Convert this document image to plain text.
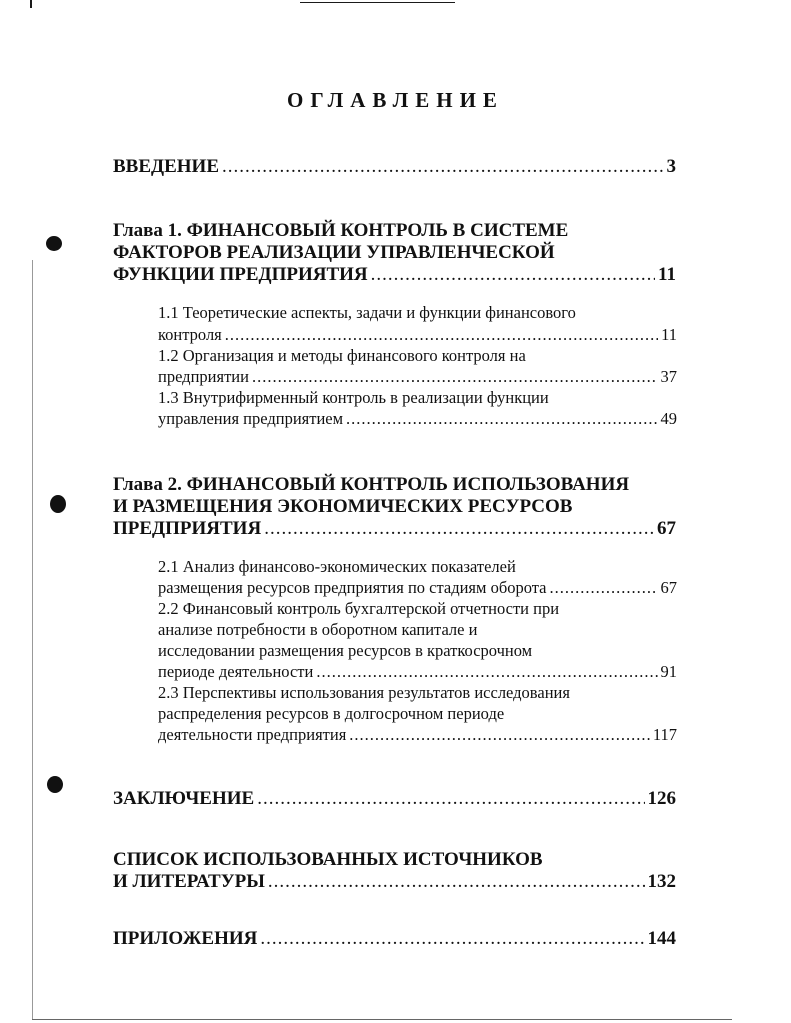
ОГЛАВЛЕНИЕ
ВВЕДЕНИЕ .....	3
Глава 1. ФИНАНСОВЫЙ КОНТРОЛЬ В СИСТЕМЕ
ФАКТОРОВ РЕАЛИЗАЦИИ УПРАВЛЕНЧЕСКОЙ
ФУНКЦИИ ПРЕДПРИЯТИЯ .....	11
1.1 Теоретические аспекты, задачи и функции финансового
контроля .....	11
1.2 Организация и методы финансового контроля на
предприятии .....	37
1.3 Внутрифирменный контроль в реализации функции
управления предприятием .....	49
Глава 2. ФИНАНСОВЫЙ КОНТРОЛЬ ИСПОЛЬЗОВАНИЯ
И РАЗМЕЩЕНИЯ ЭКОНОМИЧЕСКИХ РЕСУРСОВ
ПРЕДПРИЯТИЯ .....	67
2.1 Анализ финансово-экономических показателей
размещения ресурсов предприятия по стадиям оборота .....	67
2.2 Финансовый контроль бухгалтерской отчетности при
анализе потребности в оборотном капитале и
исследовании размещения ресурсов в краткосрочном
периоде деятельности .....	91
2.3 Перспективы использования результатов исследования
распределения ресурсов в долгосрочном периоде
деятельности предприятия .....	117
ЗАКЛЮЧЕНИЕ .....	126
СПИСОК ИСПОЛЬЗОВАННЫХ ИСТОЧНИКОВ
И ЛИТЕРАТУРЫ .....	132
ПРИЛОЖЕНИЯ .....	144
